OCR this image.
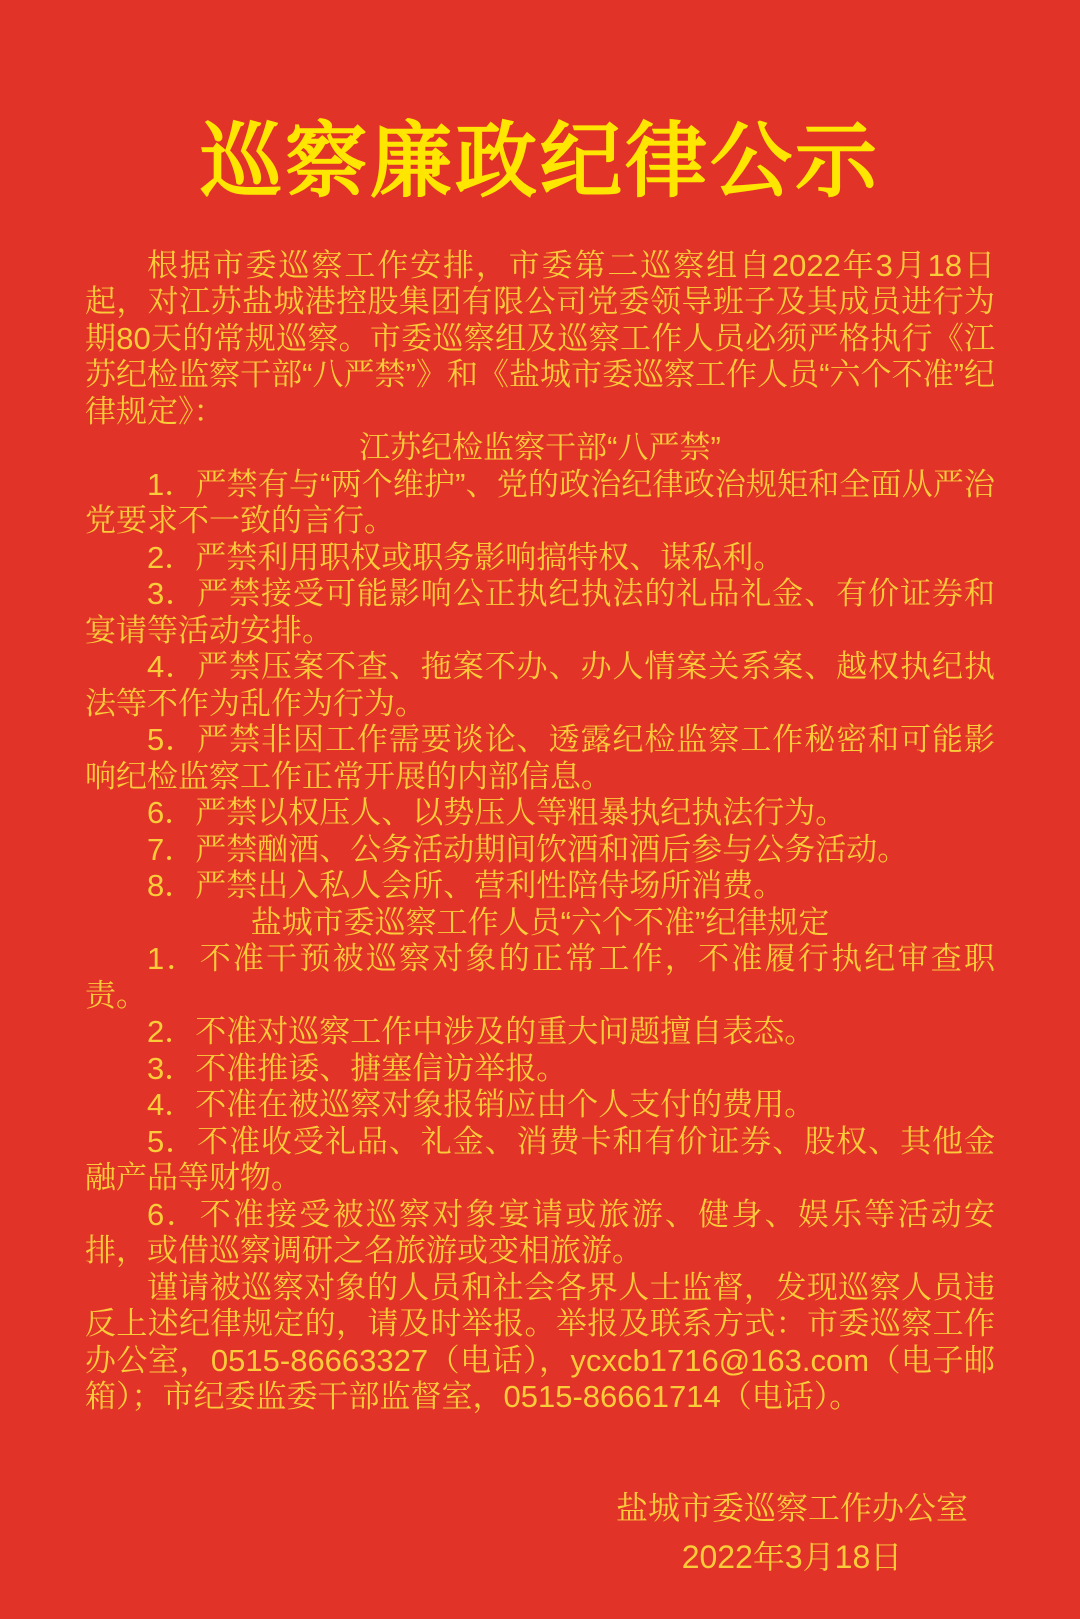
巡察廉政纪律公示

根据市委巡察工作安排，市委第二巡察组自2022年3月18日起，对江苏盐城港控股集团有限公司党委领导班子及其成员进行为期80天的常规巡察。市委巡察组及巡察工作人员必须严格执行《江苏纪检监察干部“八严禁”》和《盐城市委巡察工作人员“六个不准”纪律规定》：

江苏纪检监察干部“八严禁”

1．严禁有与“两个维护”、党的政治纪律政治规矩和全面从严治党要求不一致的言行。

2．严禁利用职权或职务影响搞特权、谋私利。

3．严禁接受可能影响公正执纪执法的礼品礼金、有价证券和宴请等活动安排。

4．严禁压案不查、拖案不办、办人情案关系案、越权执纪执法等不作为乱作为行为。

5．严禁非因工作需要谈论、透露纪检监察工作秘密和可能影响纪检监察工作正常开展的内部信息。

6．严禁以权压人、以势压人等粗暴执纪执法行为。

7．严禁酗酒、公务活动期间饮酒和酒后参与公务活动。

8．严禁出入私人会所、营利性陪侍场所消费。

盐城市委巡察工作人员“六个不准”纪律规定

1．不准干预被巡察对象的正常工作，不准履行执纪审查职责。

2．不准对巡察工作中涉及的重大问题擅自表态。

3．不准推诿、搪塞信访举报。

4．不准在被巡察对象报销应由个人支付的费用。

5．不准收受礼品、礼金、消费卡和有价证券、股权、其他金融产品等财物。

6．不准接受被巡察对象宴请或旅游、健身、娱乐等活动安排，或借巡察调研之名旅游或变相旅游。

谨请被巡察对象的人员和社会各界人士监督，发现巡察人员违反上述纪律规定的，请及时举报。举报及联系方式：市委巡察工作办公室，0515-86663327（电话），ycxcb1716@163.com（电子邮箱）；市纪委监委干部监督室，0515-86661714（电话）。

盐城市委巡察工作办公室
2022年3月18日
